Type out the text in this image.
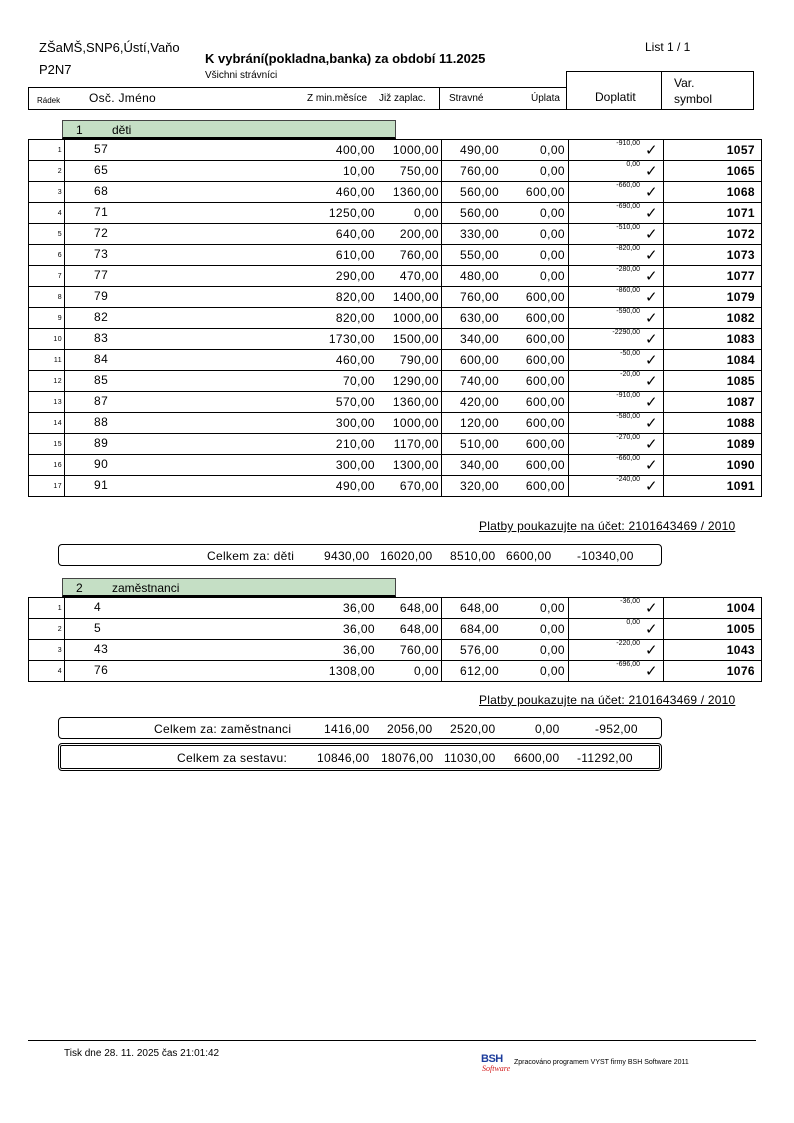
ZŠaMŠ,SNP6,Ústí,Vaňo
P2N7
K vybrání(pokladna,banka) za období 11.2025
Všichni strávníci
List 1 / 1
Rádek Osč. Jméno	Z min.měsíce Již zaplac. Stravné	Úplata	Doplatit
Var.
symbol
1 děti
1	57 400,00 1000,00	490,00 0,00	-910,00 ✓	1057
2	65 10,00 750,00	760,00 0,00	0,00 ✓	1065
3	68 460,00 1360,00	560,00 600,00	-660,00 ✓	1068
4	71 1250,00 0,00	560,00 0,00	-690,00 ✓	1071
5	72 640,00 200,00	330,00 0,00	-510,00 ✓	1072
6	73 610,00 760,00	550,00 0,00	-820,00 ✓	1073
7	77 290,00 470,00	480,00 0,00	-280,00 ✓	1077
8	79 820,00 1400,00	760,00 600,00	-860,00 ✓	1079
9	82 820,00 1000,00	630,00 600,00	-590,00 ✓	1082
10	83 1730,00 1500,00	340,00 600,00	-2290,00 ✓	1083
11	84 460,00 790,00	600,00 600,00	-50,00 ✓	1084
12	85 70,00 1290,00	740,00 600,00	-20,00 ✓	1085
13	87 570,00 1360,00	420,00 600,00	-910,00 ✓	1087
14	88 300,00 1000,00	120,00 600,00	-580,00 ✓	1088
15	89 210,00 1170,00	510,00 600,00	-270,00 ✓	1089
16	90 300,00 1300,00	340,00 600,00	-660,00 ✓	1090
17	91 490,00 670,00	320,00 600,00	-240,00 ✓	1091
Platby poukazujte na účet: 2101643469 / 2010
Celkem za: děti 9430,00 16020,00 8510,00 6600,00 -10340,00
2 zaměstnanci
1	4 36,00 648,00	648,00 0,00	-36,00 ✓	1004
2	5 36,00 648,00	684,00 0,00	0,00 ✓	1005
3	43 36,00 760,00	576,00 0,00	-220,00 ✓	1043
4	76 1308,00 0,00	612,00 0,00	-696,00 ✓	1076
Platby poukazujte na účet: 2101643469 / 2010
Celkem za: zaměstnanci	1416,00 2056,00 2520,00	0,00	-952,00
Celkem za sestavu: 10846,00 18076,00 11030,00 6600,00 -11292,00
Tisk dne 28. 11. 2025 čas 21:01:42	BSH
Software
Zpracováno programem VYST firmy BSH Software 2011
